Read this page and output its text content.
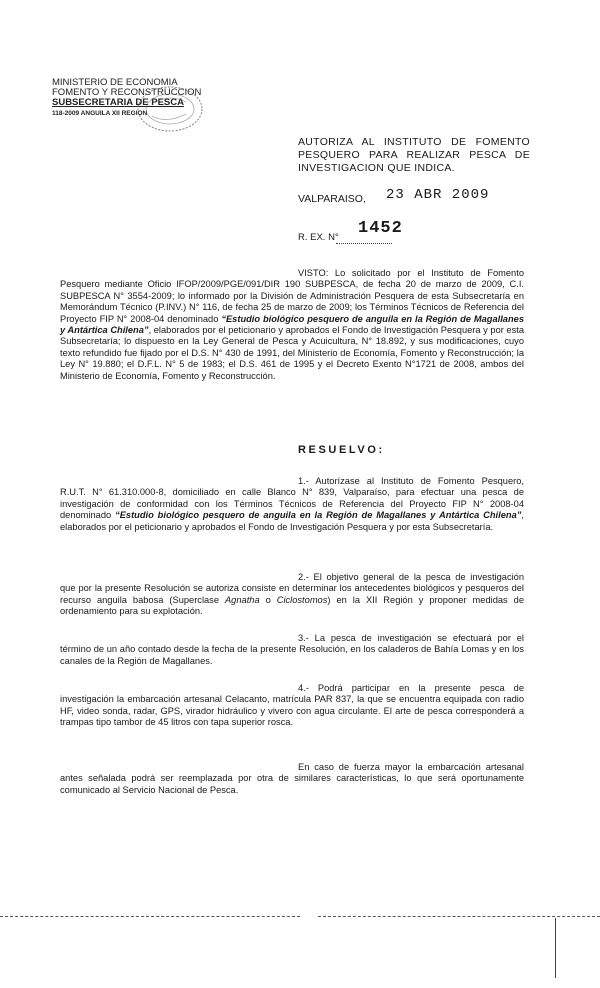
MINISTERIO DE ECONOMIA
FOMENTO Y RECONSTRUCCION
SUBSECRETARIA DE PESCA
118-2009 ANGUILA XII REGION
AUTORIZA AL INSTITUTO DE FOMENTO PESQUERO PARA REALIZAR PESCA DE INVESTIGACION QUE INDICA.
VALPARAISO, 23 ABR 2009
R. EX. N° 1452
VISTO: Lo solicitado por el Instituto de Fomento Pesquero mediante Oficio IFOP/2009/PGE/091/DIR 190 SUBPESCA, de fecha 20 de marzo de 2009, C.I. SUBPESCA N° 3554-2009; lo informado por la División de Administración Pesquera de esta Subsecretaría en Memorándum Técnico (P.INV.) N° 116, de fecha 25 de marzo de 2009; los Términos Técnicos de Referencia del Proyecto FIP N° 2008-04 denominado “Estudio biológico pesquero de anguila en la Región de Magallanes y Antártica Chilena”, elaborados por el peticionario y aprobados el Fondo de Investigación Pesquera y por esta Subsecretaría; lo dispuesto en la Ley General de Pesca y Acuicultura, N° 18.892, y sus modificaciones, cuyo texto refundido fue fijado por el D.S. N° 430 de 1991, del Ministerio de Economía, Fomento y Reconstrucción; la Ley N° 19.880; el D.F.L. N° 5 de 1983; el D.S. 461 de 1995 y el Decreto Exento N°1721 de 2008, ambos del Ministerio de Economía, Fomento y Reconstrucción.
RESUELVO:
1.- Autorízase al Instituto de Fomento Pesquero, R.U.T. N° 61.310.000-8, domiciliado en calle Blanco N° 839, Valparaíso, para efectuar una pesca de investigación de conformidad con los Términos Técnicos de Referencia del Proyecto FIP N° 2008-04 denominado “Estudio biológico pesquero de anguila en la Región de Magallanes y Antártica Chilena”, elaborados por el peticionario y aprobados el Fondo de Investigación Pesquera y por esta Subsecretaría.
2.- El objetivo general de la pesca de investigación que por la presente Resolución se autoriza consiste en determinar los antecedentes biológicos y pesqueros del recurso anguila babosa (Superclase Agnatha o Ciclostomos) en la XII Región y proponer medidas de ordenamiento para su explotación.
3.- La pesca de investigación se efectuará por el término de un año contado desde la fecha de la presente Resolución, en los caladeros de Bahía Lomas y en los canales de la Región de Magallanes.
4.- Podrá participar en la presente pesca de investigación la embarcación artesanal Celacanto, matrícula PAR 837, la que se encuentra equipada con radio HF, video sonda, radar, GPS, virador hidráulico y vivero con agua circulante. El arte de pesca corresponderá a trampas tipo tambor de 45 litros con tapa superior rosca.
En caso de fuerza mayor la embarcación artesanal antes señalada podrá ser reemplazada por otra de similares características, lo que será oportunamente comunicado al Servicio Nacional de Pesca.
